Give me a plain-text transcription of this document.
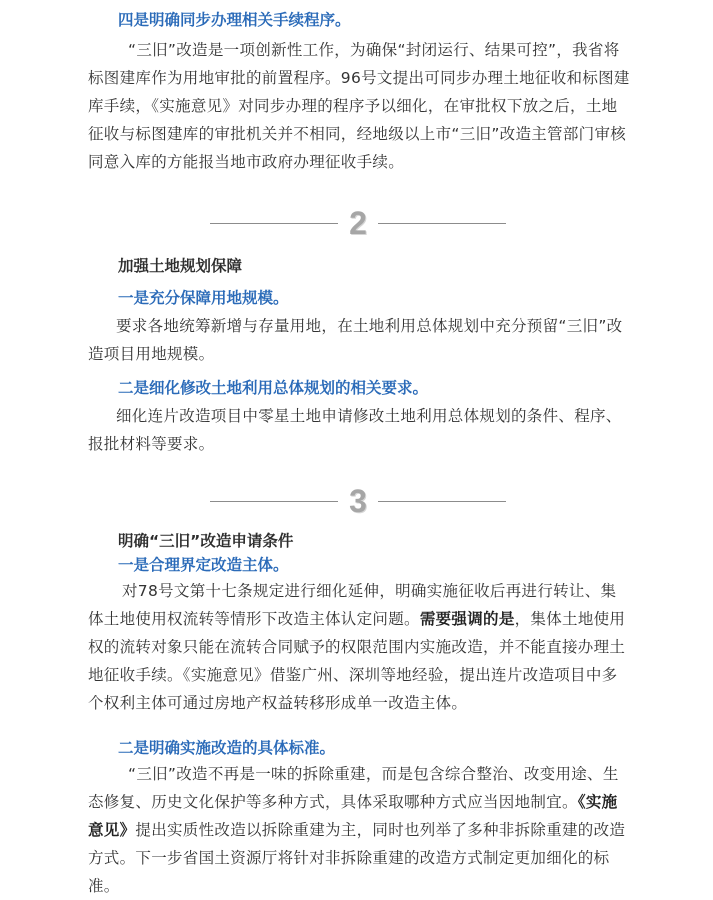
四是明确同步办理相关手续程序。

“三旧”改造是一项创新性工作，为确保“封闭运行、结果可控”，我省将标图建库作为用地审批的前置程序。96号文提出可同步办理土地征收和标图建库手续，《实施意见》对同步办理的程序予以细化，在审批权下放之后，土地征收与标图建库的审批机关并不相同，经地级以上市“三旧”改造主管部门审核同意入库的方能报当地市政府办理征收手续。

2

加强土地规划保障

一是充分保障用地规模。

要求各地统筹新增与存量用地，在土地利用总体规划中充分预留“三旧”改造项目用地规模。

二是细化修改土地利用总体规划的相关要求。

细化连片改造项目中零星土地申请修改土地利用总体规划的条件、程序、报批材料等要求。

3

明确“三旧”改造申请条件

一是合理界定改造主体。

对78号文第十七条规定进行细化延伸，明确实施征收后再进行转让、集体土地使用权流转等情形下改造主体认定问题。需要强调的是，集体土地使用权的流转对象只能在流转合同赋予的权限范围内实施改造，并不能直接办理土地征收手续。《实施意见》借鉴广州、深圳等地经验，提出连片改造项目中多个权利主体可通过房地产权益转移形成单一改造主体。

二是明确实施改造的具体标准。

“三旧”改造不再是一味的拆除重建，而是包含综合整治、改变用途、生态修复、历史文化保护等多种方式，具体采取哪种方式应当因地制宜。《实施意见》提出实质性改造以拆除重建为主，同时也列举了多种非拆除重建的改造方式。下一步省国土资源厅将针对非拆除重建的改造方式制定更加细化的标准。
